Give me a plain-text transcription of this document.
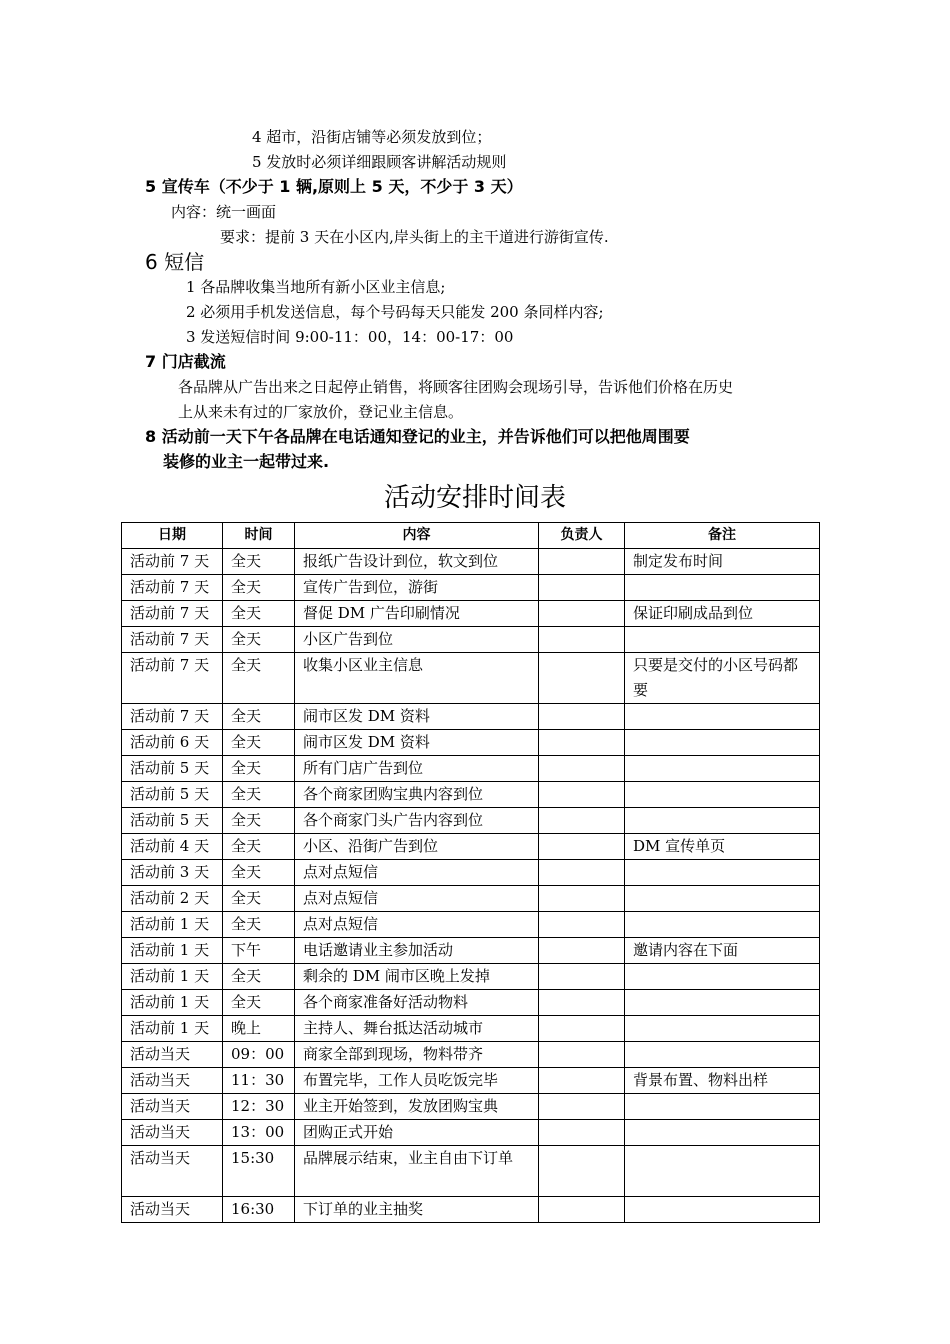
4 超市，沿街店铺等必须发放到位；
5 发放时必须详细跟顾客讲解活动规则
5 宣传车（不少于 1 辆,原则上 5 天，不少于 3 天）
内容：统一画面
要求：提前 3 天在小区内,岸头街上的主干道进行游街宣传.
6 短信
1 各品牌收集当地所有新小区业主信息;
2 必须用手机发送信息，每个号码每天只能发 200 条同样内容;
3 发送短信时间 9:00-11：00，14：00-17：00
7 门店截流
各品牌从广告出来之日起停止销售，将顾客往团购会现场引导，告诉他们价格在历史
上从来未有过的厂家放价，登记业主信息。
8 活动前一天下午各品牌在电话通知登记的业主，并告诉他们可以把他周围要
装修的业主一起带过来.
活动安排时间表
日期	时间	内容	负责人	备注
活动前 7 天	全天	报纸广告设计到位，软文到位		制定发布时间
活动前 7 天	全天	宣传广告到位，游街		
活动前 7 天	全天	督促 DM 广告印刷情况		保证印刷成品到位
活动前 7 天	全天	小区广告到位		
活动前 7 天	全天	收集小区业主信息		只要是交付的小区号码都要
活动前 7 天	全天	闹市区发 DM 资料		
活动前 6 天	全天	闹市区发 DM 资料		
活动前 5 天	全天	所有门店广告到位		
活动前 5 天	全天	各个商家团购宝典内容到位		
活动前 5 天	全天	各个商家门头广告内容到位		
活动前 4 天	全天	小区、沿街广告到位		DM 宣传单页
活动前 3 天	全天	点对点短信		
活动前 2 天	全天	点对点短信		
活动前 1 天	全天	点对点短信		
活动前 1 天	下午	电话邀请业主参加活动		邀请内容在下面
活动前 1 天	全天	剩余的 DM 闹市区晚上发掉		
活动前 1 天	全天	各个商家准备好活动物料		
活动前 1 天	晚上	主持人、舞台抵达活动城市		
活动当天	09：00	商家全部到现场，物料带齐		
活动当天	11：30	布置完毕，工作人员吃饭完毕		背景布置、物料出样
活动当天	12：30	业主开始签到，发放团购宝典		
活动当天	13：00	团购正式开始		
活动当天	15:30	品牌展示结束，业主自由下订单		
活动当天	16:30	下订单的业主抽奖		
